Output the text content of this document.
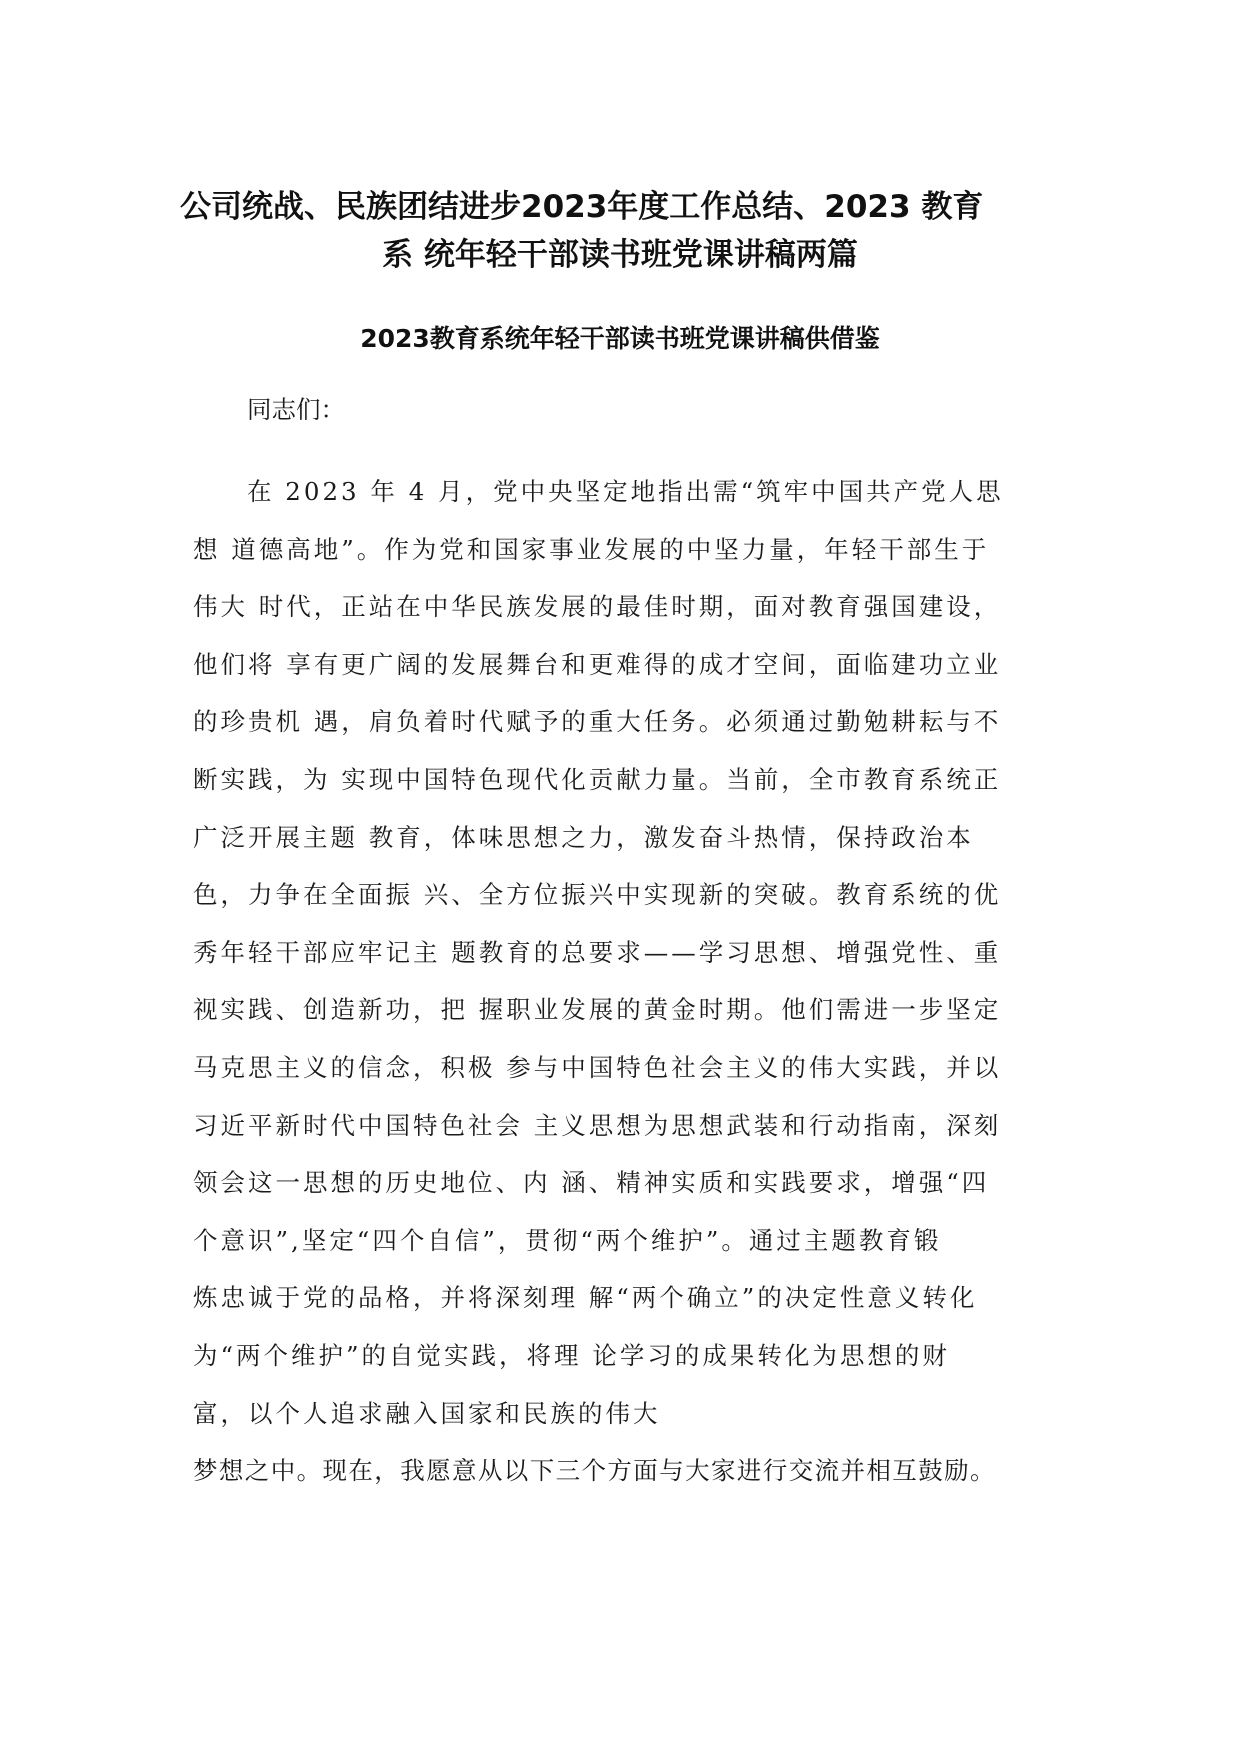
公司统战、民族团结进步2023年度工作总结、2023 教育
系 统年轻干部读书班党课讲稿两篇
2023教育系统年轻干部读书班党课讲稿供借鉴

同志们：

在 2023 年 4 月，党中央坚定地指出需“筑牢中国共产党人思
想 道德高地”。作为党和国家事业发展的中坚力量，年轻干部生于
伟大 时代，正站在中华民族发展的最佳时期，面对教育强国建设，
他们将 享有更广阔的发展舞台和更难得的成才空间，面临建功立业
的珍贵机 遇，肩负着时代赋予的重大任务。必须通过勤勉耕耘与不
断实践，为 实现中国特色现代化贡献力量。当前，全市教育系统正
广泛开展主题 教育，体味思想之力，激发奋斗热情，保持政治本
色，力争在全面振 兴、全方位振兴中实现新的突破。教育系统的优
秀年轻干部应牢记主 题教育的总要求——学习思想、增强党性、重
视实践、创造新功，把 握职业发展的黄金时期。他们需进一步坚定
马克思主义的信念，积极 参与中国特色社会主义的伟大实践，并以
习近平新时代中国特色社会 主义思想为思想武装和行动指南，深刻
领会这一思想的历史地位、内 涵、精神实质和实践要求，增强“四
个意识”,坚定“四个自信”，贯彻“两个维护”。通过主题教育锻
炼忠诚于党的品格，并将深刻理 解“两个确立”的决定性意义转化
为“两个维护”的自觉实践，将理 论学习的成果转化为思想的财
富，以个人追求融入国家和民族的伟大
梦想之中。现在，我愿意从以下三个方面与大家进行交流并相互鼓励。
